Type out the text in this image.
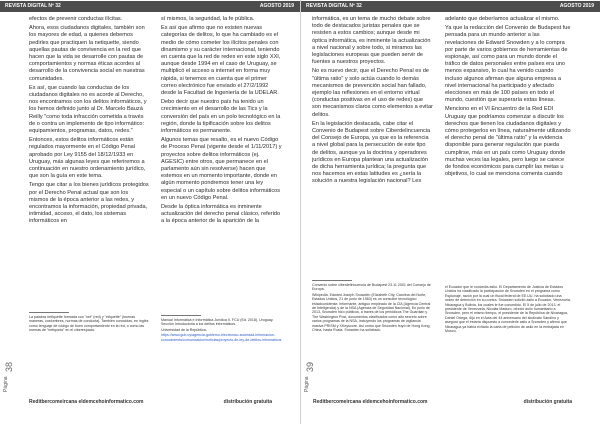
REVISTA DIGITAL Nº 32	AGOSTO 2019

efectos de prevenir conductas ilícitas.

Ahora, esos ciudadanos digitales, también son los mayores de edad, a quienes debemos pedirles que practiquen la netiquette, siendo aquellas pautas de convivencia en la red que hacen que la vida se desarrolle con pautas de comportamientos y normas éticas acordes al desarrollo de la convivencia social en nuestras comunidades.

Es así, que cuando las conductas de los ciudadanos digitales no es acorde al Derecho, nos encontramos con los delitos informáticos, y los hemos definido junto al Dr. Marcelo Bauzá Reilly "como toda infracción cometida a través de o contra un implemento de tipo informático: equipamientos, programas, datos, redes."

Entonces, estos delitos informáticos están regulados mayormente en el Código Penal aprobado por Ley 9155 del 18/12/1933 en Uruguay, más algunas leyes que referiremos a continuación en nuestro ordenamiento jurídico, que son la guía en este tema.

Tengo que citar a los bienes jurídicos protegidos por el Derecho Penal actual que son los mismos de la época anterior a las redes, y encontramos la información, propiedad privada, intimidad, acceso, el dato, los sistemas informáticos en

sí mismos, la seguridad, la fe pública.

Es así que afirmo que no existen nuevas categorías de delitos, lo que ha cambiado es el medio de cómo cometer los ilícitos penales con dinamismo y su carácter internacional, teniendo en cuenta que la red de redes en este siglo XXI, aunque desde 1994 en el caso de Uruguay, se multiplicó el acceso a internet en forma muy rápida, si tenemos en cuenta que el primer correo electrónico fue enviado el 27/2/1992 desde la Facultad de Ingeniería de la UDELAR.

Debo decir que nuestro país ha tenido un crecimiento en el desarrollo de las Tics y la conversión del país en un polo tecnológico en la región, donde la tipificación sobre los delitos informáticos es permanente.

Algunos temas que resalto, es el nuevo Código de Proceso Penal (vigente desde el 1/11/2017) y proyectos sobre delitos informáticos (ej. AGESIC) entre otros, que permanece en el parlamento aún sin resolverse) hacen que estemos en un momento importante, donde en algún momento pondremos tener una ley especial o un capítulo sobre delitos informáticos en un nuevo Código Penal.

Desde la óptica informática es inminente actualización del derecho penal clásico, referido a la época anterior de la aparición de la

La palabra netiquette formada con "net" (red) y "etiquette" (buenas maneras, costumbres, normas de conducta). También conocidas, en inglés como lenguaje de código de buen comportamiento en la red, o como las normas de "netiqueta" en el ciberespacio.

Manual Informática e Informática Jurídica II. FCU (Ed. 2018). Uruguay. Sección Introductoria a los delitos informáticos.

Universidad de la República.

https://www.gub.uy/agencia-gobierno-electronico-sociedad-informacion-conocimiento/comunicacion/noticias/proyecto-de-ley-de-delitos-informaticos

Página
38
Reditbercomeircana eldemcehoinformatico.com	distribución gratuita
REVISTA DIGITAL Nº 32	AGOSTO 2019

informática, es un tema de mucho debate sobre todo de destacados juristas penales que se resisten a estos cambios; aunque desde mi óptica informática, es inminente la actualización a nivel nacional y sobre todo, si miramos las legislaciones europeas que pueden servir de fuentes a nuestros proyectos.

No es nuevo decir, que el Derecho Penal es de "última ratio" y solo actúa cuando lo demás mecanismos de prevención social han fallado, ejemplo las reflexiones en el entorno virtual (conductas positivas en el uso de redes) que son mecanismos claros como elementos a evitar delitos.

En la legislación destacada, cabe citar el Convenio de Budapest sobre Ciberdelincuencia del Consejo de Europa, ya que es la referencia a nivel global para la persecución de este tipo de delitos, aunque ya la doctrina y operadores jurídicos en Europa plantean una actualización de dicha herramienta jurídica; la pregunta que nos hacemos en estas latitudes es ¿sería la solución a nuestra legislación nacional? Les

adelanto que deberíamos actualizar el mismo.

Ya que la redacción del Convenio de Budapest fue pensada para un mundo anterior a las revelaciones de Edward Snowden y a lo compra por parte de varios gobiernos de herramientas de espionaje, así como para un mundo donde el tráfico de datos personales entre países era uno menos expansivo, lo cual ha venido cuando incluso algunos afirman que alguna empresa a nivel internacional ha participado y afectado elecciones en más de 100 países en todo el mundo, cuestión que superaría estas líneas.

Menciono en el VI Encuentro de la Red EDI Uruguay que podríamos comenzar a discutir los derechos que tienen los ciudadanos digitales y cómo protegerlos en línea, naturalmente utilizando el derecho penal de "última ratio" y la evidencia disponible para generar regulación que pueda cumplirse, más en un país como Uruguay donde muchas veces las legales, pero luego se carece de fondos económicos para cumplir las metas u objetivos, lo cual se menciona comenta cuando

Convenio sobre ciberdelincuencia de Budapest 23.11.2001 del Consejo de Europa.

Wikipedia. Edward Joseph Snowden (Elizabeth City, Carolina del Norte, Estados Unidos, 21 de junio de 1983) es un consultor tecnológico estadounidense, informante, antiguo empleado de la CIA (Agencia Central de Inteligencia) y de la NSA (Agencia de Seguridad Nacional). En junio de 2013, Snowden hizo públicos, a través de los periódicos The Guardian y The Washington Post, documentos clasificados como alto secreto sobre varios programas de la NSA, incluyendo los programas de vigilancia masiva PRISM y XKeyscore. Así como que Snowden huyó de Hong Kong, China, hasta Rusia. Snowden ha solicitado

el Ecuador que le concedía asilo. El Departamento de Justicia de Estados Unidos ha clasificado la participación de Snowden en el programa como Espionaje, razón por la cual un fiscal federal de EE.UU. ha solicitado una orden de detención en su contra. Snowden solicitó asilo a Ecuador, Venezuela, Nicaragua y Bolivia, los cuales le fue concedido. El 5 de julio de 2013, el presidente de Venezuela, Nicolás Maduro, ofreció asilo humanitario a Snowden, pero el mismo tiempo, el presidente de la República de Nicaragua, Daniel Ortega, dijo en el Acta del 44 aniversario del sindicato Sandino y aseguró que el estaría dispuesto a concederle asilo a Snowden y afirmó que Nicaragua ya había evitado la carta de petición de asilo en la embajada en Moscú.

Página
39
Reditbercomeircana eldemcehoinformatico.com	distribución gratuita
